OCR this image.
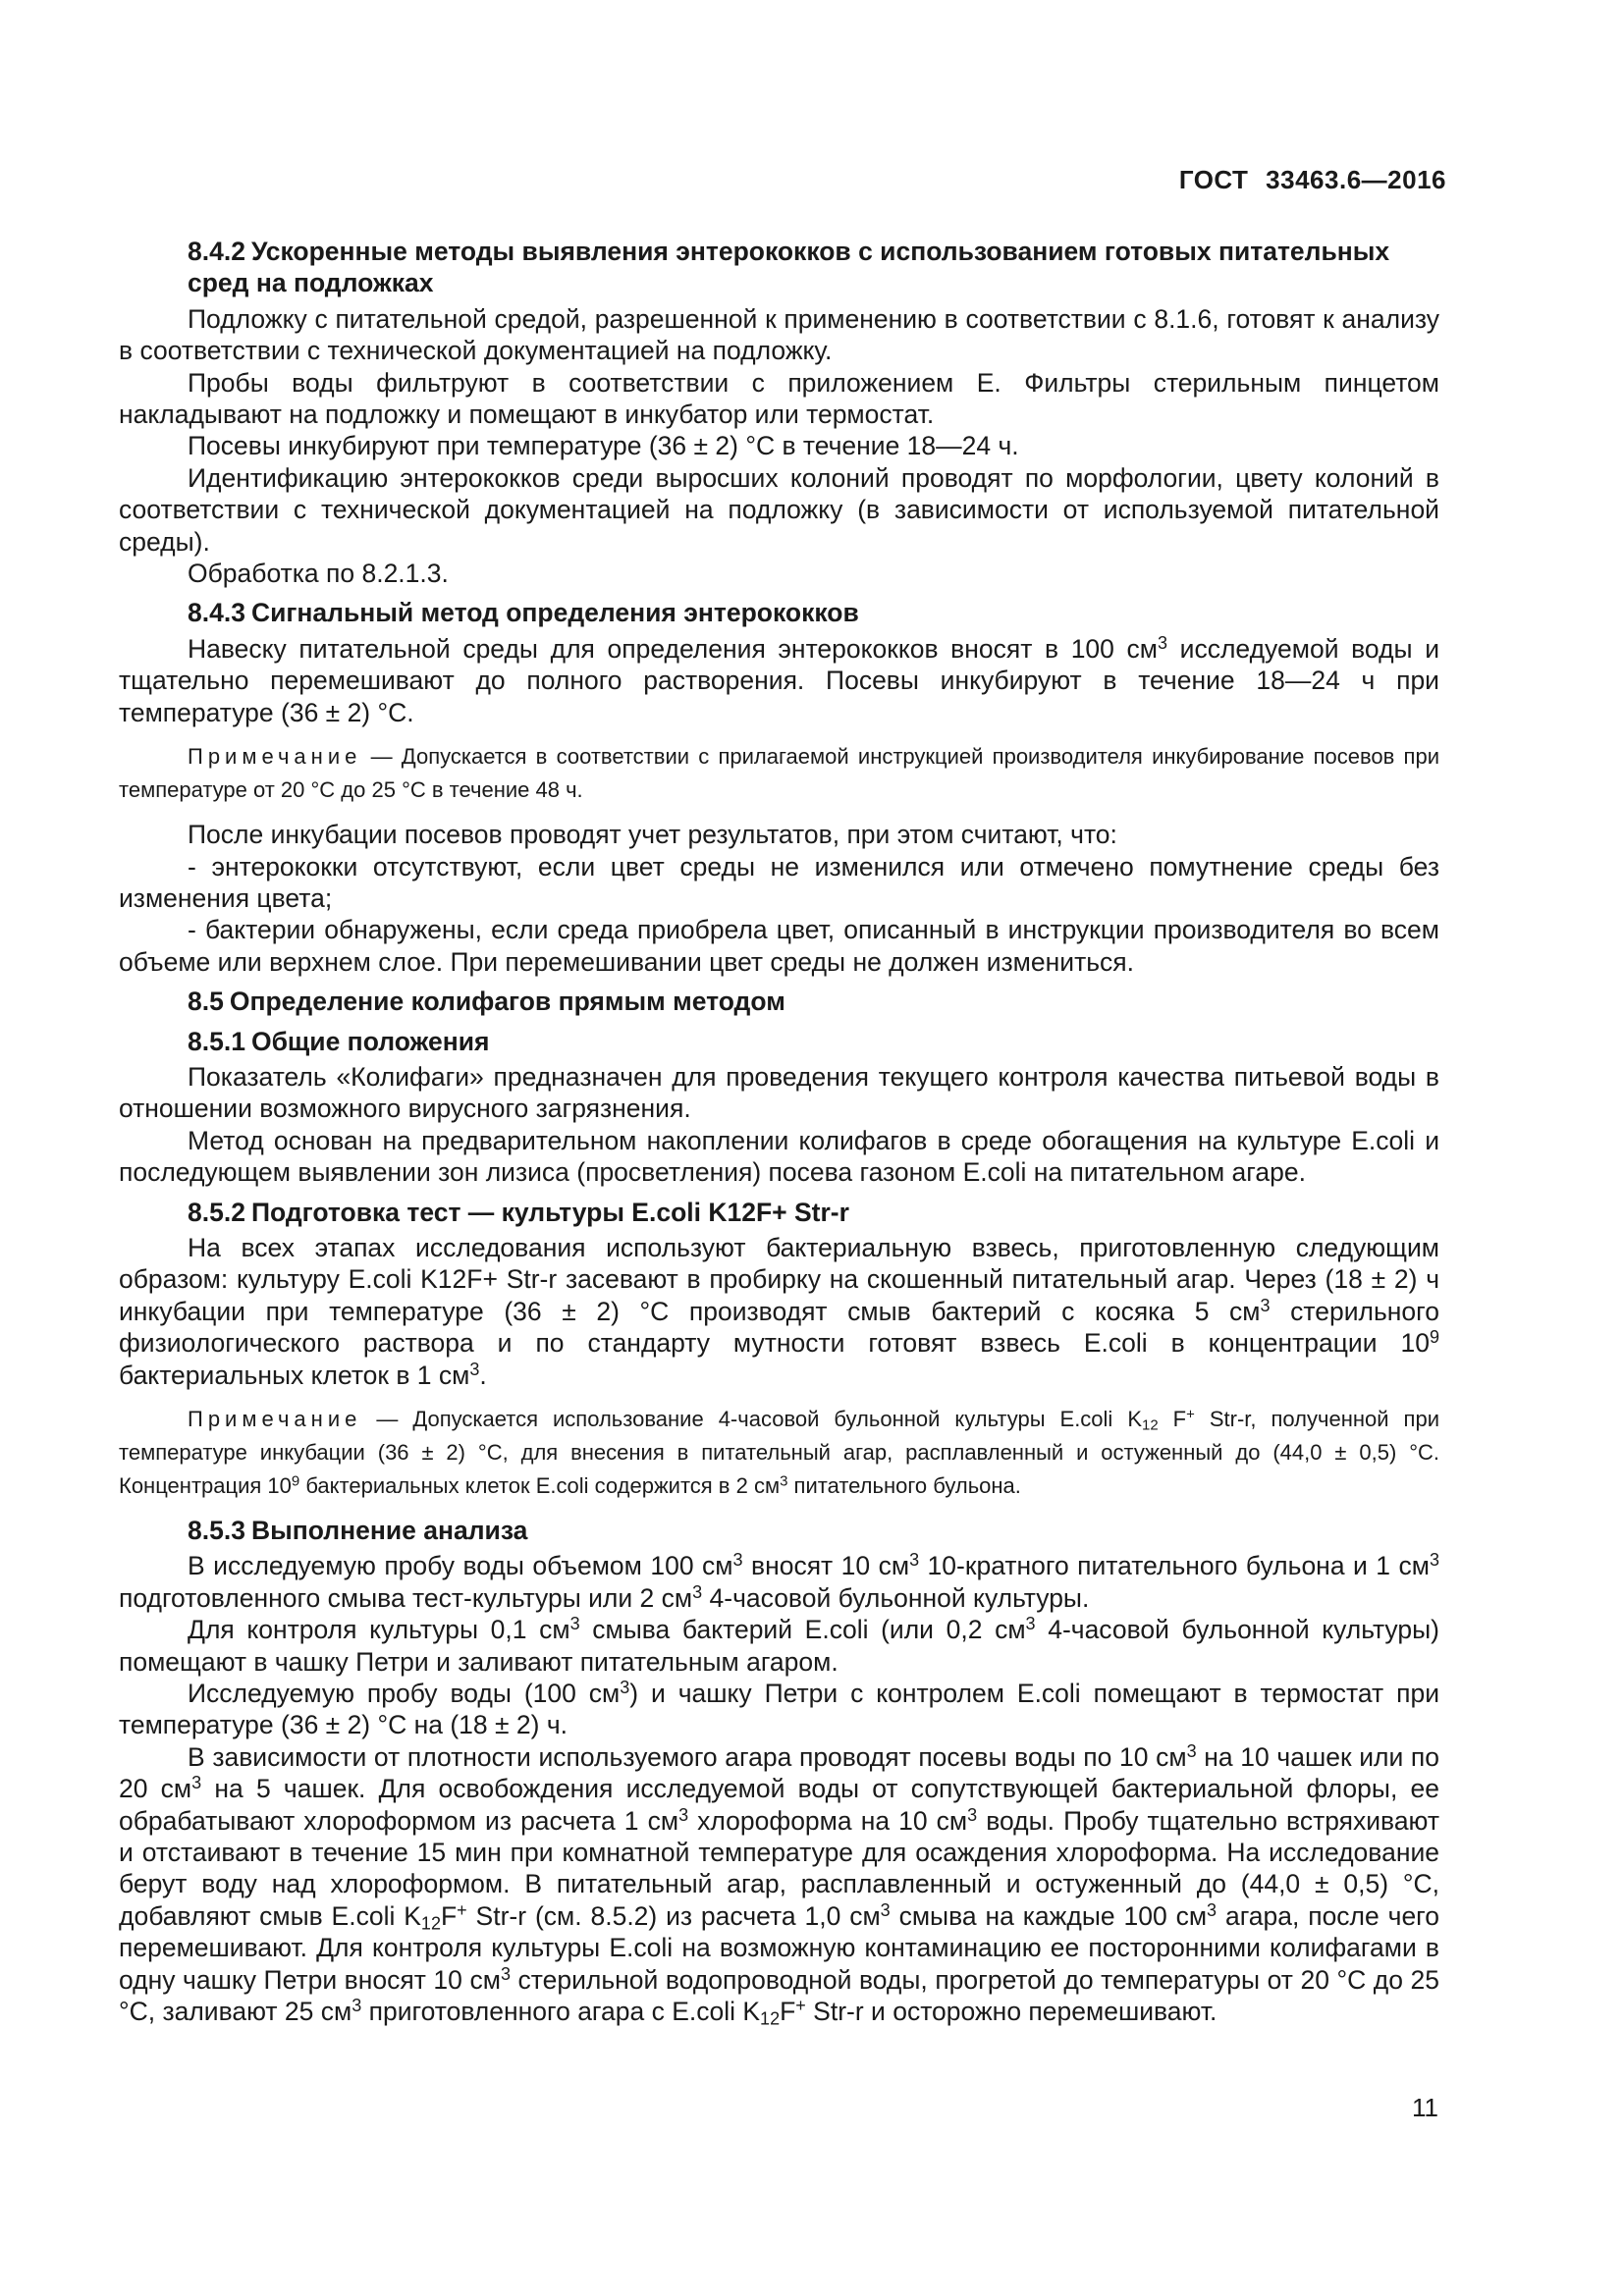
ГОСТ 33463.6—2016
8.4.2 Ускоренные методы выявления энтерококков с использованием готовых питательных сред на подложках

Подложку с питательной средой, разрешенной к применению в соответствии с 8.1.6, готовят к анализу в соответствии с технической документацией на подложку.

Пробы воды фильтруют в соответствии с приложением Е. Фильтры стерильным пинцетом накладывают на подложку и помещают в инкубатор или термостат.

Посевы инкубируют при температуре (36 ± 2) °С в течение 18—24 ч.

Идентификацию энтерококков среди выросших колоний проводят по морфологии, цвету колоний в соответствии с технической документацией на подложку (в зависимости от используемой питательной среды).

Обработка по 8.2.1.3.

8.4.3 Сигнальный метод определения энтерококков

Навеску питательной среды для определения энтерококков вносят в 100 $см^3$ исследуемой воды и тщательно перемешивают до полного растворения. Посевы инкубируют в течение 18—24 ч при температуре (36 ± 2) °С.

Примечание — Допускается в соответствии с прилагаемой инструкцией производителя инкубирование посевов при температуре от 20 °С до 25 °С в течение 48 ч.

После инкубации посевов проводят учет результатов, при этом считают, что:

- энтерококки отсутствуют, если цвет среды не изменился или отмечено помутнение среды без изменения цвета;

- бактерии обнаружены, если среда приобрела цвет, описанный в инструкции производителя во всем объеме или верхнем слое. При перемешивании цвет среды не должен измениться.

8.5 Определение колифагов прямым методом
8.5.1 Общие положения

Показатель «Колифаги» предназначен для проведения текущего контроля качества питьевой воды в отношении возможного вирусного загрязнения.

Метод основан на предварительном накоплении колифагов в среде обогащения на культуре E.coli и последующем выявлении зон лизиса (просветления) посева газоном E.coli на питательном агаре.

8.5.2 Подготовка тест — культуры E.coli K12F+ Str-r

На всех этапах исследования используют бактериальную взвесь, приготовленную следующим образом: культуру E.coli K12F+ Str-r засевают в пробирку на скошенный питательный агар. Через (18 ± 2) ч инкубации при температуре (36 ± 2) °С производят смыв бактерий с косяка 5 $см^3$ стерильного физиологического раствора и по стандарту мутности готовят взвесь E.coli в концентрации $10^9$ бактериальных клеток в 1 $см^3$.

Примечание — Допускается использование 4-часовой бульонной культуры E.coli $K_{12}$ F+ Str-r, полученной при температуре инкубации (36 ± 2) °С, для внесения в питательный агар, расплавленный и остуженный до (44,0 ± 0,5) °С. Концентрация $10^9$ бактериальных клеток E.coli содержится в 2 $см^3$ питательного бульона.

8.5.3 Выполнение анализа

В исследуемую пробу воды объемом 100 $см^3$ вносят 10 $см^3$ 10-кратного питательного бульона и 1 $см^3$ подготовленного смыва тест-культуры или 2 $см^3$ 4-часовой бульонной культуры.

Для контроля культуры 0,1 $см^3$ смыва бактерий E.coli (или 0,2 $см^3$ 4-часовой бульонной культуры) помещают в чашку Петри и заливают питательным агаром.

Исследуемую пробу воды (100 $см^3$) и чашку Петри с контролем E.coli помещают в термостат при температуре (36 ± 2) °С на (18 ± 2) ч.

В зависимости от плотности используемого агара проводят посевы воды по 10 $см^3$ на 10 чашек или по 20 $см^3$ на 5 чашек. Для освобождения исследуемой воды от сопутствующей бактериальной флоры, ее обрабатывают хлороформом из расчета 1 $см^3$ хлороформа на 10 $см^3$ воды. Пробу тщательно встряхивают и отстаивают в течение 15 мин при комнатной температуре для осаждения хлороформа. На исследование берут воду над хлороформом. В питательный агар, расплавленный и остуженный до (44,0 ± 0,5) °С, добавляют смыв E.coli $K_{12}F^+$ Str-r (см. 8.5.2) из расчета 1,0 $см^3$ смыва на каждые 100 $см^3$ агара, после чего перемешивают. Для контроля культуры E.coli на возможную контаминацию ее посторонними колифагами в одну чашку Петри вносят 10 $см^3$ стерильной водопроводной воды, прогретой до температуры от 20 °С до 25 °С, заливают 25 $см^3$ приготовленного агара с E.coli $K_{12}F^+$ Str-r и осторожно перемешивают.

11
